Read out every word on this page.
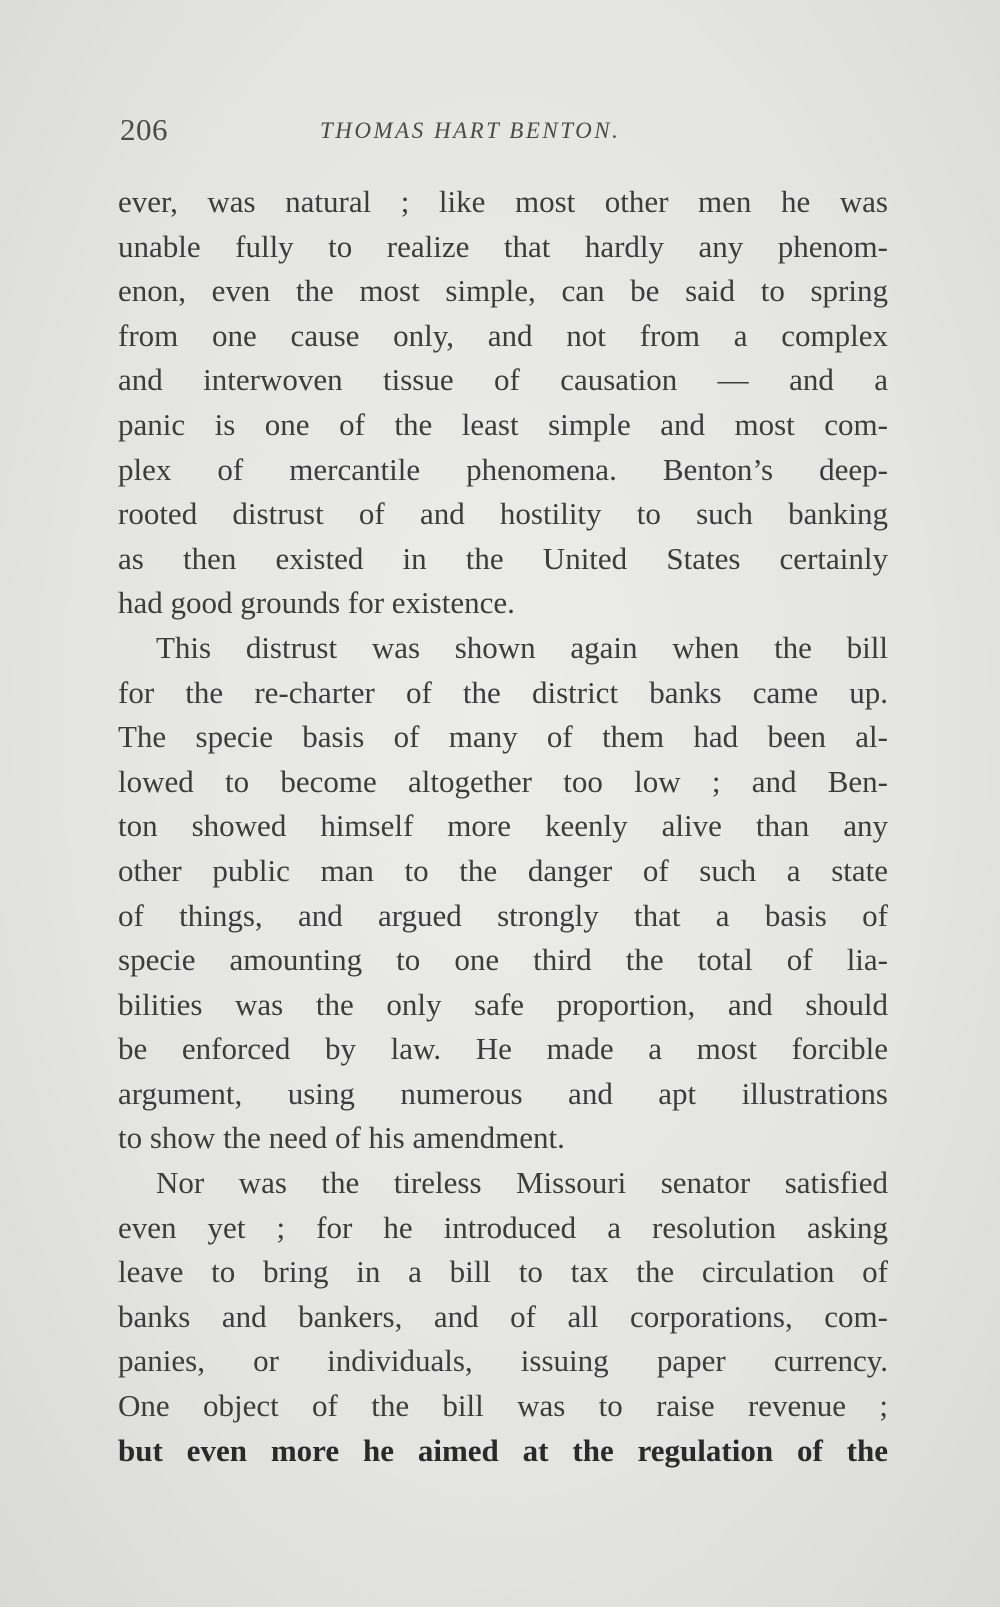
206	THOMAS HART BENTON.
ever, was natural ; like most other men he was
unable fully to realize that hardly any phenom-
enon, even the most simple, can be said to spring
from one cause only, and not from a complex
and interwoven tissue of causation — and a
panic is one of the least simple and most com-
plex of mercantile phenomena. Benton’s deep-
rooted distrust of and hostility to such banking
as then existed in the United States certainly
had good grounds for existence.
This distrust was shown again when the bill
for the re-charter of the district banks came up.
The specie basis of many of them had been al-
lowed to become altogether too low ; and Ben-
ton showed himself more keenly alive than any
other public man to the danger of such a state
of things, and argued strongly that a basis of
specie amounting to one third the total of lia-
bilities was the only safe proportion, and should
be enforced by law. He made a most forcible
argument, using numerous and apt illustrations
to show the need of his amendment.
Nor was the tireless Missouri senator satisfied
even yet ; for he introduced a resolution asking
leave to bring in a bill to tax the circulation of
banks and bankers, and of all corporations, com-
panies, or individuals, issuing paper currency.
One object of the bill was to raise revenue ;
but even more he aimed at the regulation of the
